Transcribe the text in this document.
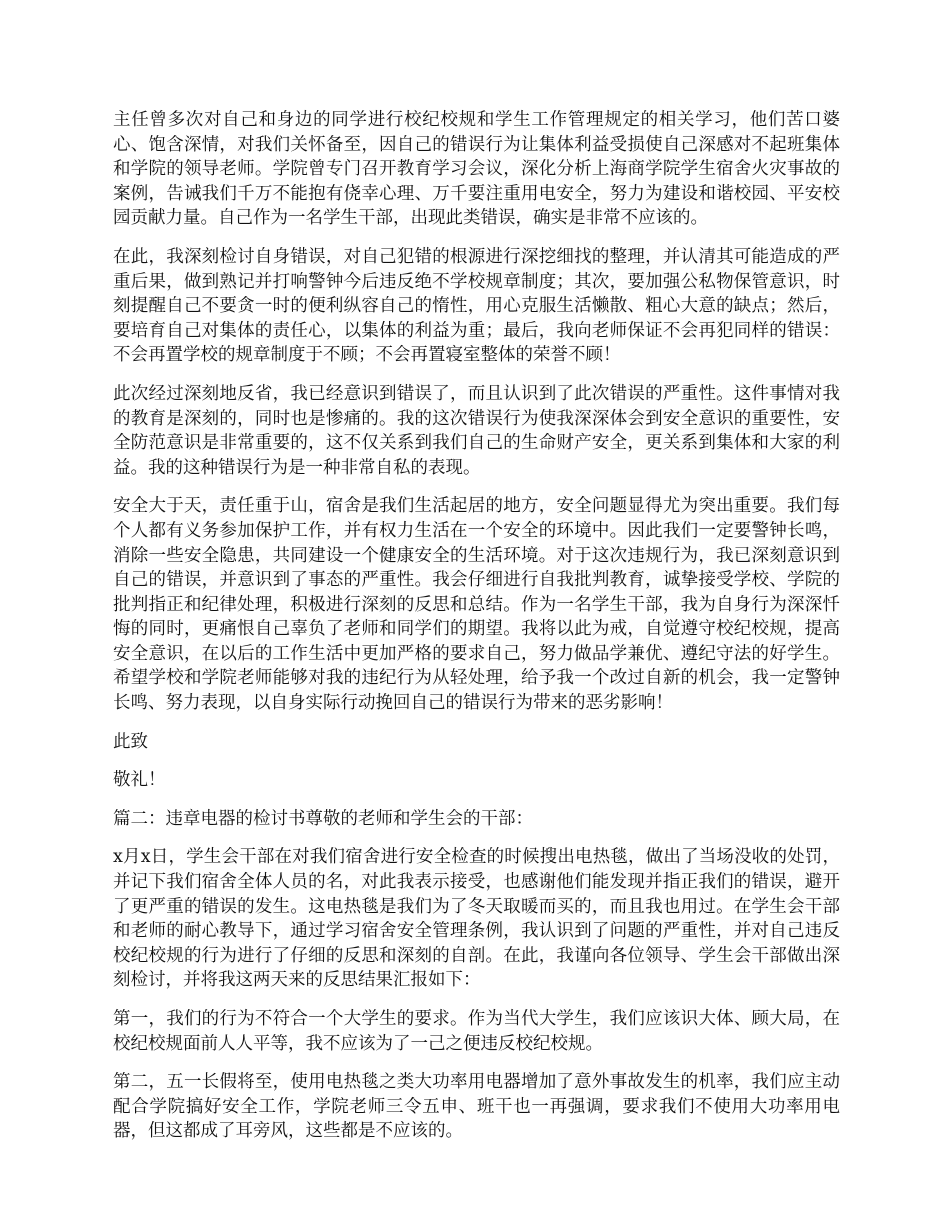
主任曾多次对自己和身边的同学进行校纪校规和学生工作管理规定的相关学习，他们苦口婆心、饱含深情，对我们关怀备至，因自己的错误行为让集体利益受损使自己深感对不起班集体和学院的领导老师。学院曾专门召开教育学习会议，深化分析上海商学院学生宿舍火灾事故的案例，告诫我们千万不能抱有侥幸心理、万千要注重用电安全，努力为建设和谐校园、平安校园贡献力量。自己作为一名学生干部，出现此类错误，确实是非常不应该的。

在此，我深刻检讨自身错误，对自己犯错的根源进行深挖细找的整理，并认清其可能造成的严重后果，做到熟记并打响警钟今后违反绝不学校规章制度；其次，要加强公私物保管意识，时刻提醒自己不要贪一时的便利纵容自己的惰性，用心克服生活懒散、粗心大意的缺点；然后，要培育自己对集体的责任心，以集体的利益为重；最后，我向老师保证不会再犯同样的错误：不会再置学校的规章制度于不顾；不会再置寝室整体的荣誉不顾！

此次经过深刻地反省，我已经意识到错误了，而且认识到了此次错误的严重性。这件事情对我的教育是深刻的，同时也是惨痛的。我的这次错误行为使我深深体会到安全意识的重要性，安全防范意识是非常重要的，这不仅关系到我们自己的生命财产安全，更关系到集体和大家的利益。我的这种错误行为是一种非常自私的表现。

安全大于天，责任重于山，宿舍是我们生活起居的地方，安全问题显得尤为突出重要。我们每个人都有义务参加保护工作，并有权力生活在一个安全的环境中。因此我们一定要警钟长鸣，消除一些安全隐患，共同建设一个健康安全的生活环境。对于这次违规行为，我已深刻意识到自己的错误，并意识到了事态的严重性。我会仔细进行自我批判教育，诚挚接受学校、学院的批判指正和纪律处理，积极进行深刻的反思和总结。作为一名学生干部，我为自身行为深深忏悔的同时，更痛恨自己辜负了老师和同学们的期望。我将以此为戒，自觉遵守校纪校规，提高安全意识，在以后的工作生活中更加严格的要求自己，努力做品学兼优、遵纪守法的好学生。希望学校和学院老师能够对我的违纪行为从轻处理，给予我一个改过自新的机会，我一定警钟长鸣、努力表现，以自身实际行动挽回自己的错误行为带来的恶劣影响！

此致

敬礼！

篇二：违章电器的检讨书尊敬的老师和学生会的干部：

x月x日，学生会干部在对我们宿舍进行安全检查的时候搜出电热毯，做出了当场没收的处罚，并记下我们宿舍全体人员的名，对此我表示接受，也感谢他们能发现并指正我们的错误，避开了更严重的错误的发生。这电热毯是我们为了冬天取暖而买的，而且我也用过。在学生会干部和老师的耐心教导下，通过学习宿舍安全管理条例，我认识到了问题的严重性，并对自己违反校纪校规的行为进行了仔细的反思和深刻的自剖。在此，我谨向各位领导、学生会干部做出深刻检讨，并将我这两天来的反思结果汇报如下：

第一，我们的行为不符合一个大学生的要求。作为当代大学生，我们应该识大体、顾大局，在校纪校规面前人人平等，我不应该为了一己之便违反校纪校规。

第二，五一长假将至，使用电热毯之类大功率用电器增加了意外事故发生的机率，我们应主动配合学院搞好安全工作，学院老师三令五申、班干也一再强调，要求我们不使用大功率用电器，但这都成了耳旁风，这些都是不应该的。
